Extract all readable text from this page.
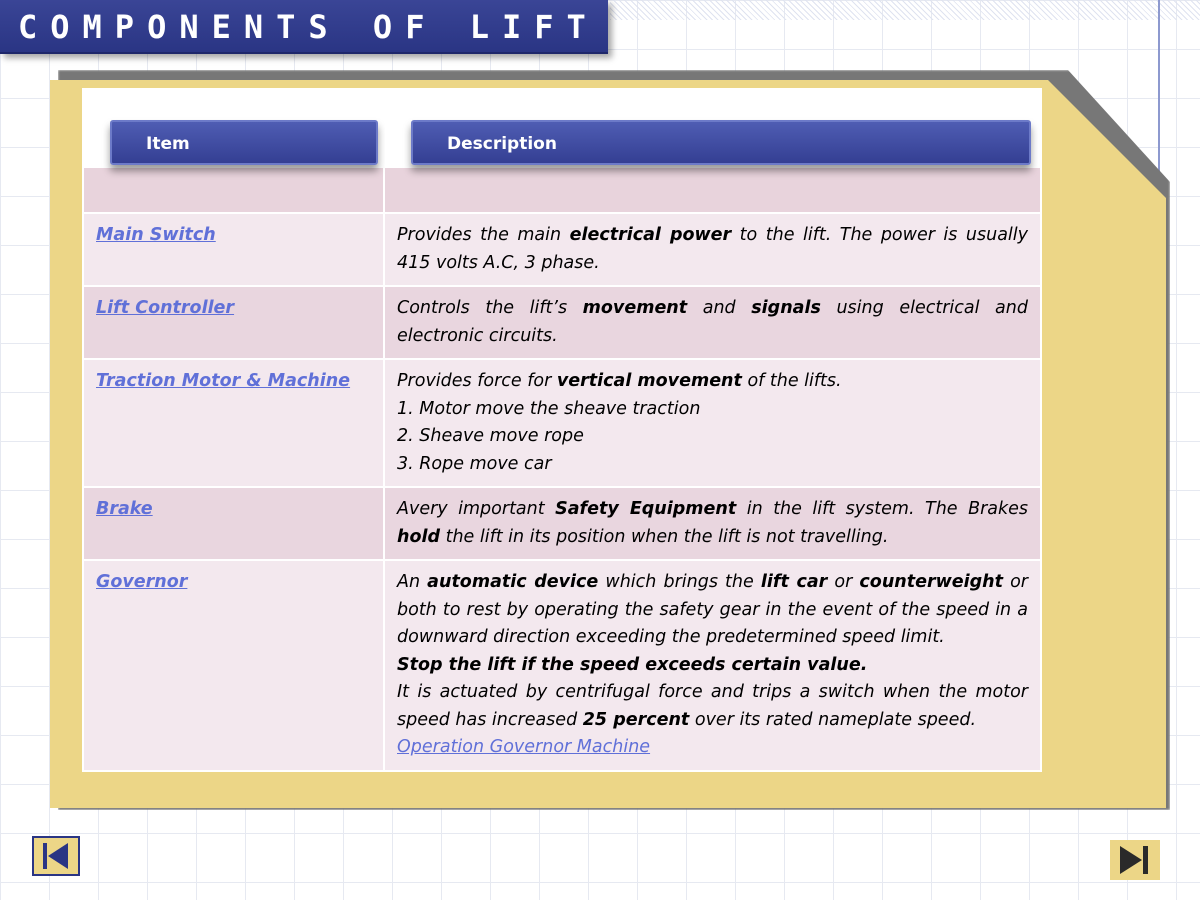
COMPONENTS OF LIFT
Item	Description

Main Switch	Provides the main electrical power to the lift. The power is usually 415 volts A.C, 3 phase.

Lift Controller	Controls the lift’s movement and signals using electrical and electronic circuits.

Traction Motor & Machine	Provides force for vertical movement of the lifts.
1. Motor move the sheave traction
2. Sheave move rope
3. Rope move car

Brake	Avery important Safety Equipment in the lift system. The Brakes hold the lift in its position when the lift is not travelling.

Governor	An automatic device which brings the lift car or counterweight or both to rest by operating the safety gear in the event of the speed in a downward direction exceeding the predetermined speed limit.
Stop the lift if the speed exceeds certain value.
It is actuated by centrifugal force and trips a switch when the motor speed has increased 25 percent over its rated nameplate speed.
Operation Governor Machine
